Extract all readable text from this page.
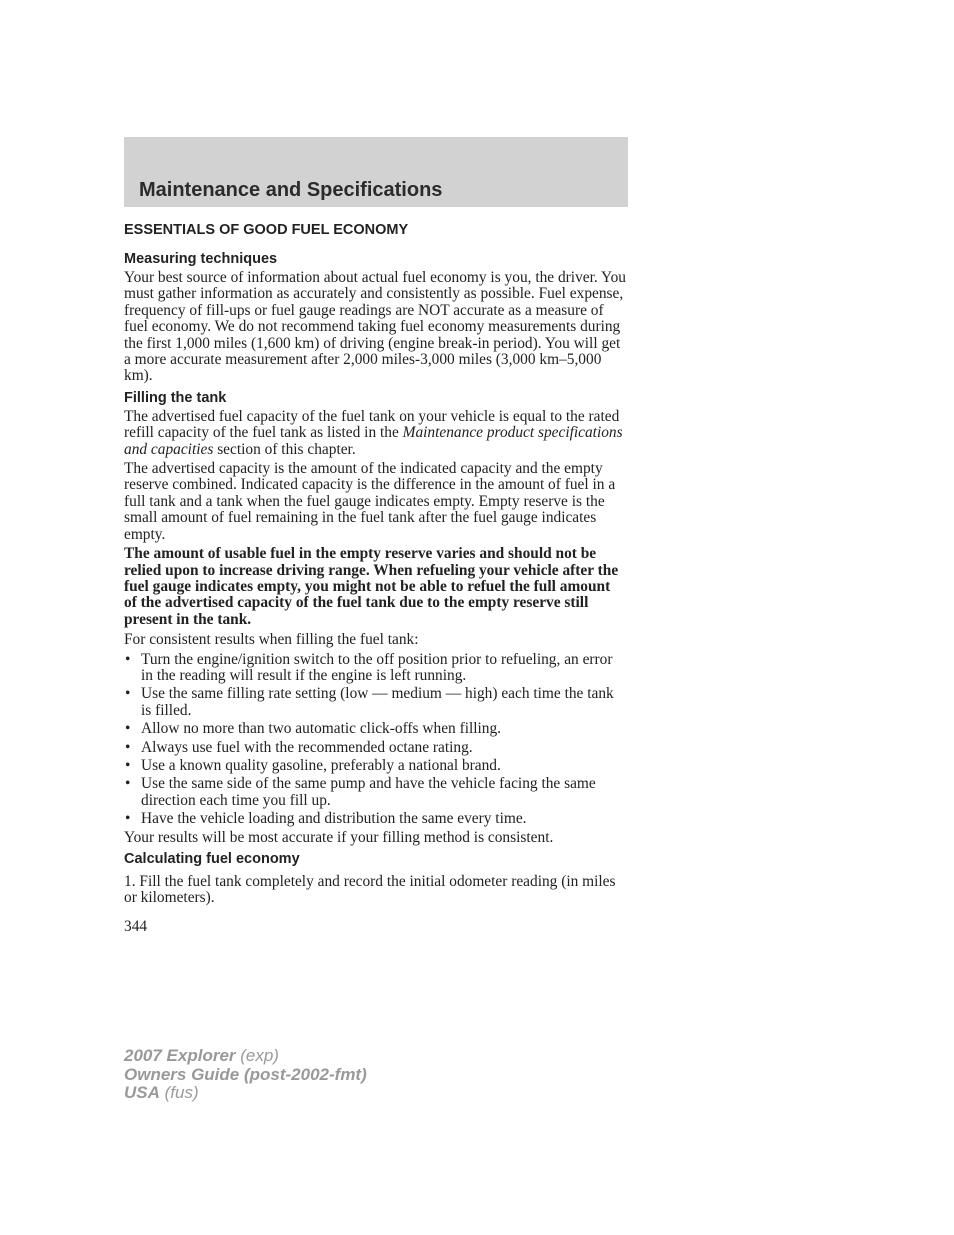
Maintenance and Specifications
ESSENTIALS OF GOOD FUEL ECONOMY
Measuring techniques

Your best source of information about actual fuel economy is you, the driver. You must gather information as accurately and consistently as possible. Fuel expense, frequency of fill-ups or fuel gauge readings are NOT accurate as a measure of fuel economy. We do not recommend taking fuel economy measurements during the first 1,000 miles (1,600 km) of driving (engine break-in period). You will get a more accurate measurement after 2,000 miles-3,000 miles (3,000 km–5,000 km).

Filling the tank

The advertised fuel capacity of the fuel tank on your vehicle is equal to the rated refill capacity of the fuel tank as listed in the Maintenance product specifications and capacities section of this chapter.

The advertised capacity is the amount of the indicated capacity and the empty reserve combined. Indicated capacity is the difference in the amount of fuel in a full tank and a tank when the fuel gauge indicates empty. Empty reserve is the small amount of fuel remaining in the fuel tank after the fuel gauge indicates empty.

The amount of usable fuel in the empty reserve varies and should not be relied upon to increase driving range. When refueling your vehicle after the fuel gauge indicates empty, you might not be able to refuel the full amount of the advertised capacity of the fuel tank due to the empty reserve still present in the tank.

For consistent results when filling the fuel tank:

• Turn the engine/ignition switch to the off position prior to refueling, an error in the reading will result if the engine is left running.
• Use the same filling rate setting (low — medium — high) each time the tank is filled.
• Allow no more than two automatic click-offs when filling.
• Always use fuel with the recommended octane rating.
• Use a known quality gasoline, preferably a national brand.
• Use the same side of the same pump and have the vehicle facing the same direction each time you fill up.
• Have the vehicle loading and distribution the same every time.

Your results will be most accurate if your filling method is consistent.

Calculating fuel economy

1. Fill the fuel tank completely and record the initial odometer reading (in miles or kilometers).

344

2007 Explorer (exp)
Owners Guide (post-2002-fmt)
USA (fus)
